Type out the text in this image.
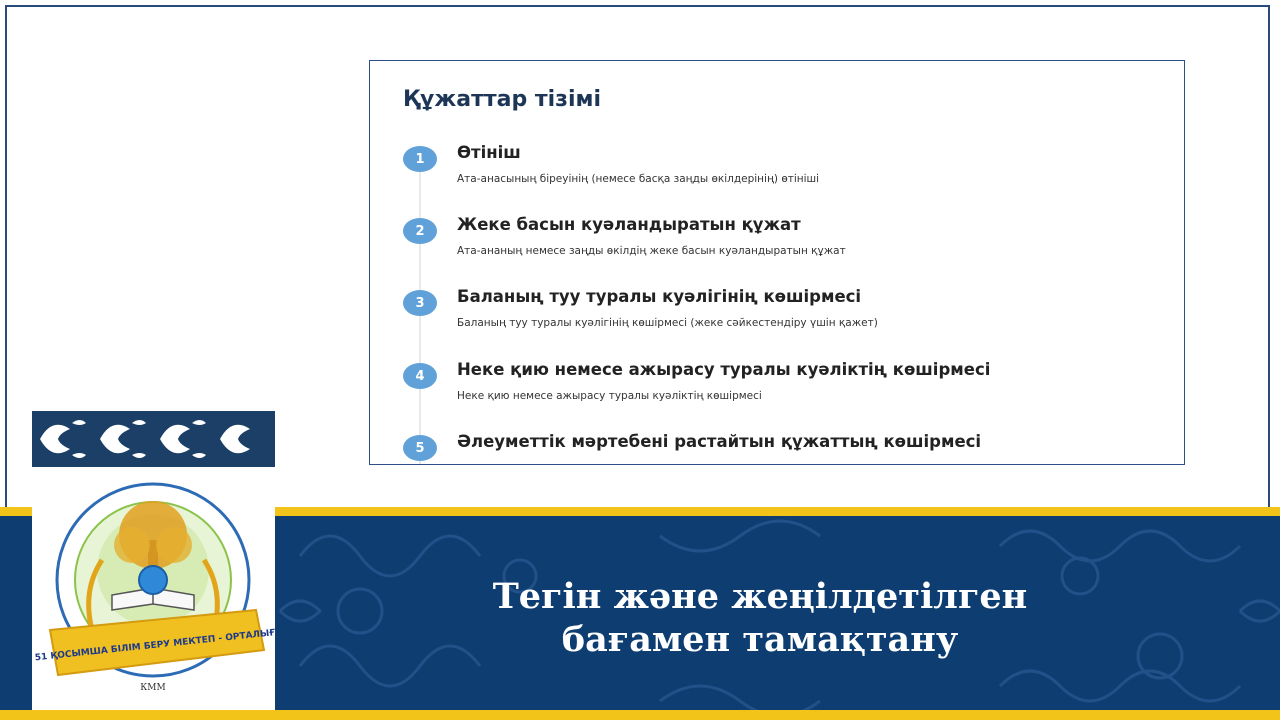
Құжаттар тізімі
1	Өтініш
Ата-анасының біреуінің (немесе басқа заңды өкілдерінің) өтініші
2	Жеке басын куәландыратын құжат
Ата-ананың немесе заңды өкілдің жеке басын куәландыратын құжат
3	Баланың туу туралы куәлігінің көшірмесі
Баланың туу туралы куәлігінің көшірмесі (жеке сәйкестендіру үшін қажет)
4	Неке қию немесе ажырасу туралы куәліктің көшірмесі
Неке қию немесе ажырасу туралы куәліктің көшірмесі
5	Әлеуметтік мәртебені растайтын құжаттың көшірмесі
Тегін және жеңілдетілген
бағамен тамақтану
№ 51 ҚОСЫМША БІЛІМ БЕРУ МЕКТЕП - ОРТАЛЫҒЫ
КММ
